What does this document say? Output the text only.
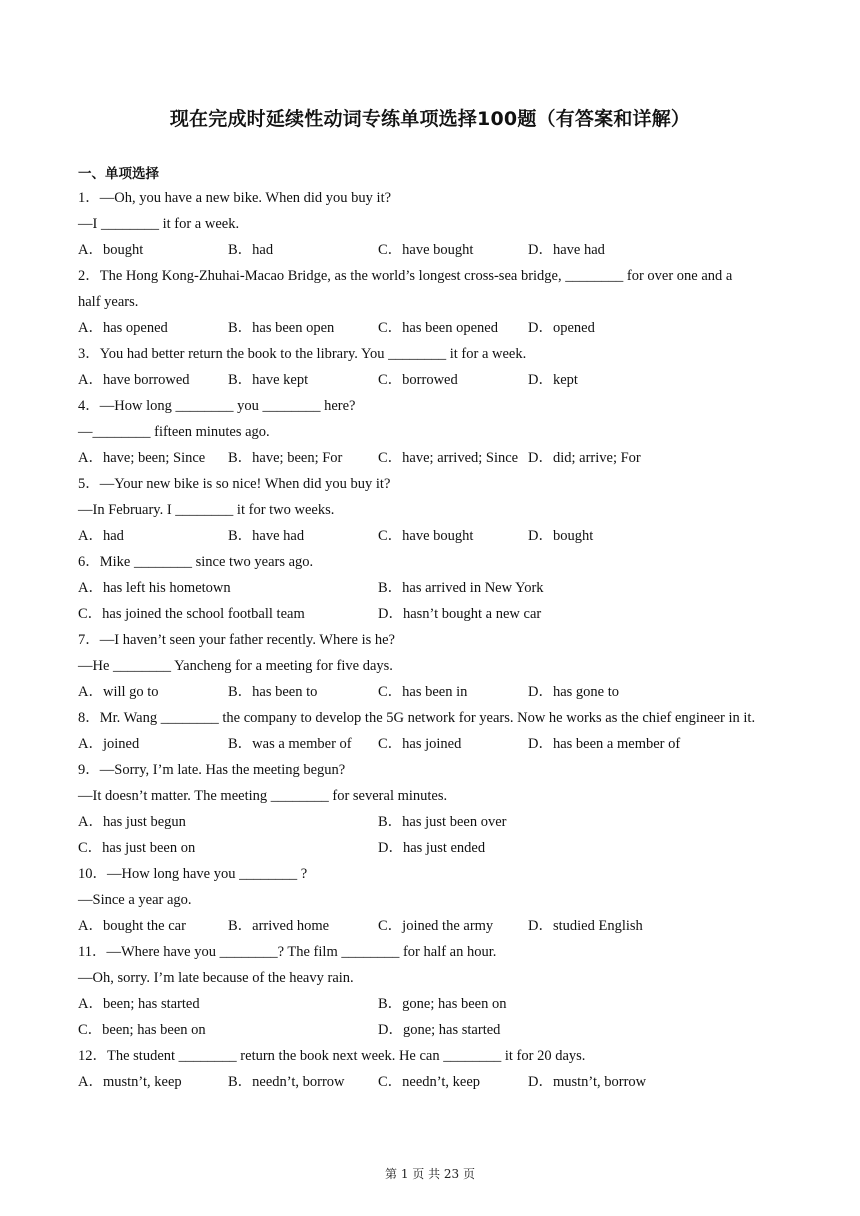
现在完成时延续性动词专练单项选择100题（有答案和详解）
一、单项选择
1．—Oh, you have a new bike. When did you buy it?
—I ________ it for a week.
A．bought	B．had	C．have bought	D．have had
2．The Hong Kong-Zhuhai-Macao Bridge, as the world’s longest cross-sea bridge, ________ for over one and a
half years.
A．has opened	B．has been open	C．has been opened D．opened
3．You had better return the book to the library. You ________ it for a week.
A．have borrowed	B．have kept	C．borrowed	D．kept
4．—How long ________ you ________ here?
—________ fifteen minutes ago.
A．have; been; Since B．have; been; For C．have; arrived; Since D．did; arrive; For
5．—Your new bike is so nice! When did you buy it?
—In February. I ________ it for two weeks.
A．had	B．have had	C．have bought	D．bought
6．Mike ________ since two years ago.
A．has left his hometown	B．has arrived in New York
C．has joined the school football team	D．hasn’t bought a new car
7．—I haven’t seen your father recently. Where is he?
—He ________ Yancheng for a meeting for five days.
A．will go to	B．has been to	C．has been in	D．has gone to
8．Mr. Wang ________ the company to develop the 5G network for years. Now he works as the chief engineer in it.
A．joined	B．was a member of C．has joined	D．has been a member of
9．—Sorry, I’m late. Has the meeting begun?
—It doesn’t matter. The meeting ________ for several minutes.
A．has just begun	B．has just been over
C．has just been on	D．has just ended
10．—How long have you ________ ?
—Since a year ago.
A．bought the car	B．arrived home	C．joined the army D．studied English
11．—Where have you ________? The film ________ for half an hour.
—Oh, sorry. I’m late because of the heavy rain.
A．been; has started	B．gone; has been on
C．been; has been on	D．gone; has started
12．The student ________ return the book next week. He can ________ it for 20 days.
A．mustn’t, keep	B．needn’t, borrow C．needn’t, keep	D．mustn’t, borrow
第 1 页 共 23 页
